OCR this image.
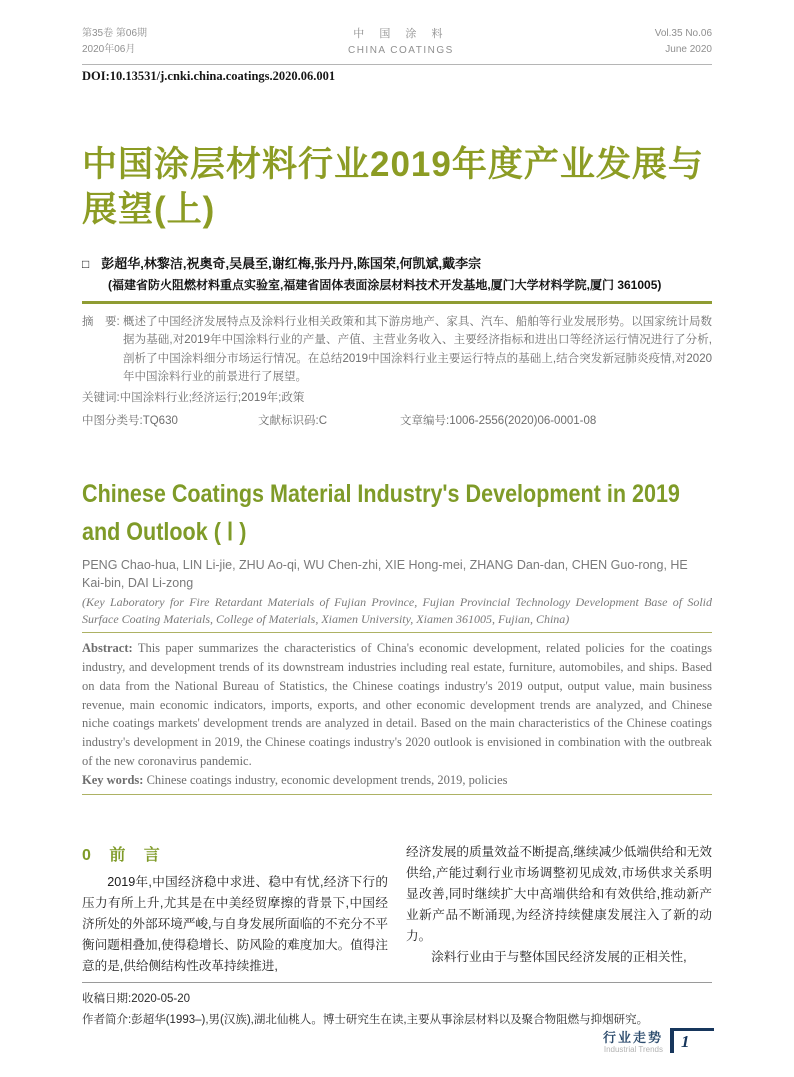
第35卷 第06期
2020年06月
中 国 涂 料
CHINA COATINGS
Vol.35 No.06
June 2020
DOI:10.13531/j.cnki.china.coatings.2020.06.001
中国涂层材料行业2019年度产业发展与展望(上)
□ 彭超华,林黎洁,祝奥奇,吴晨至,谢红梅,张丹丹,陈国荣,何凯斌,戴李宗
(福建省防火阻燃材料重点实验室,福建省固体表面涂层材料技术开发基地,厦门大学材料学院,厦门 361005)
摘　要: 概述了中国经济发展特点及涂料行业相关政策和其下游房地产、家具、汽车、船舶等行业发展形势。以国家统计局数据为基础,对2019年中国涂料行业的产量、产值、主营业务收入、主要经济指标和进出口等经济运行情况进行了分析,剖析了中国涂料细分市场运行情况。在总结2019中国涂料行业主要运行特点的基础上,结合突发新冠肺炎疫情,对2020年中国涂料行业的前景进行了展望。
关键词:中国涂料行业;经济运行;2019年;政策
中图分类号:TQ630	文献标识码:C	文章编号:1006-2556(2020)06-0001-08
Chinese Coatings Material Industry's Development in 2019 and Outlook ( Ⅰ )
PENG Chao-hua, LIN Li-jie, ZHU Ao-qi, WU Chen-zhi, XIE Hong-mei, ZHANG Dan-dan, CHEN Guo-rong, HE Kai-bin, DAI Li-zong
(Key Laboratory for Fire Retardant Materials of Fujian Province, Fujian Provincial Technology Development Base of Solid Surface Coating Materials, College of Materials, Xiamen University, Xiamen 361005, Fujian, China)
Abstract: This paper summarizes the characteristics of China's economic development, related policies for the coatings industry, and development trends of its downstream industries including real estate, furniture, automobiles, and ships. Based on data from the National Bureau of Statistics, the Chinese coatings industry's 2019 output, output value, main business revenue, main economic indicators, imports, exports, and other economic development trends are analyzed, and Chinese niche coatings markets' development trends are analyzed in detail. Based on the main characteristics of the Chinese coatings industry's development in 2019, the Chinese coatings industry's 2020 outlook is envisioned in combination with the outbreak of the new coronavirus pandemic.
Key words: Chinese coatings industry, economic development trends, 2019, policies
0 前 言

2019年,中国经济稳中求进、稳中有忧,经济下行的压力有所上升,尤其是在中美经贸摩擦的背景下,中国经济所处的外部环境严峻,与自身发展所面临的不充分不平衡问题相叠加,使得稳增长、防风险的难度加大。值得注意的是,供给侧结构性改革持续推进,

经济发展的质量效益不断提高,继续减少低端供给和无效供给,产能过剩行业市场调整初见成效,市场供求关系明显改善,同时继续扩大中高端供给和有效供给,推动新产业新产品不断涌现,为经济持续健康发展注入了新的动力。

涂料行业由于与整体国民经济发展的正相关性,

收稿日期:2020-05-20
作者简介:彭超华(1993–),男(汉族),湖北仙桃人。博士研究生在读,主要从事涂层材料以及聚合物阻燃与抑烟研究。
行业走势
Industrial Trends	1
